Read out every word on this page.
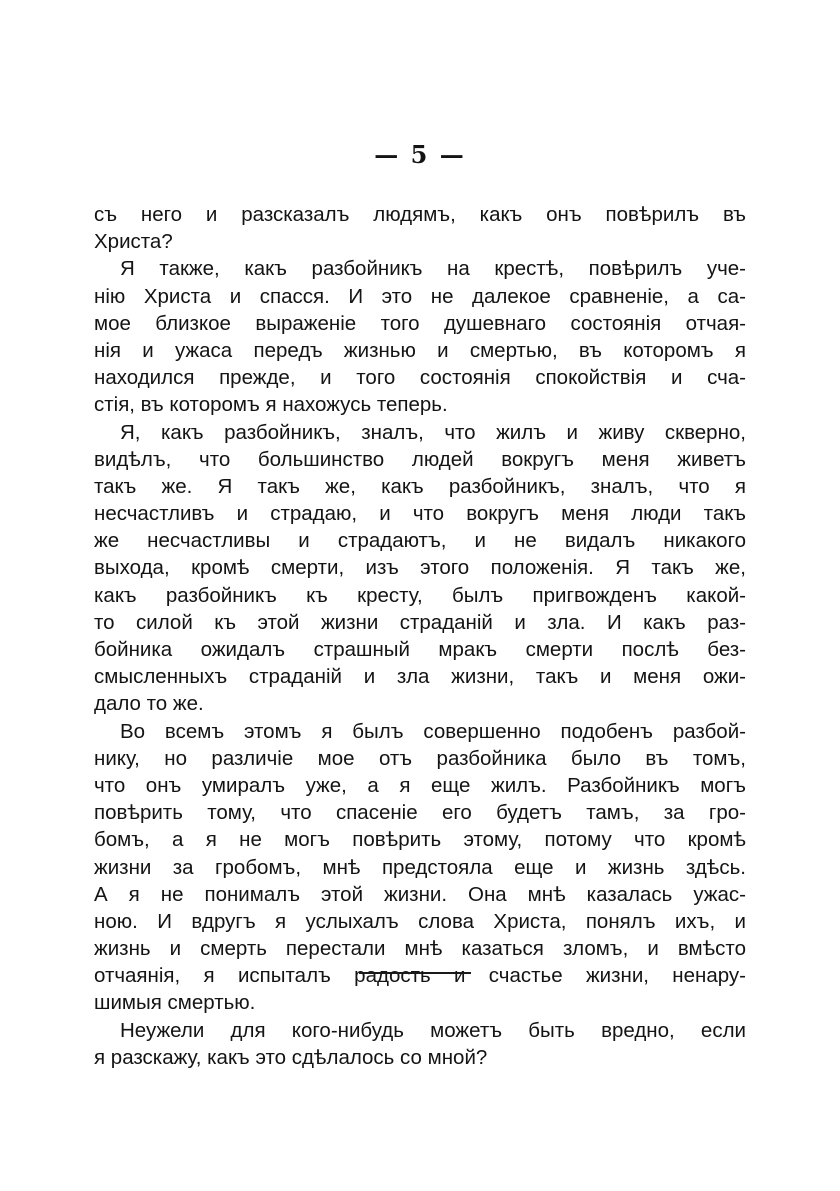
— 5 —
съ него и разсказалъ людямъ, какъ онъ повѣрилъ въ
Христа?
Я также, какъ разбойникъ на крестѣ, повѣрилъ уче-
нію Христа и спасся. И это не далекое сравненіе, а са-
мое близкое выраженіе того душевнаго состоянія отчая-
нія и ужаса передъ жизнью и смертью, въ которомъ я
находился прежде, и того состоянія спокойствія и сча-
стія, въ которомъ я нахожусь теперь.
Я, какъ разбойникъ, зналъ, что жилъ и живу скверно,
видѣлъ, что большинство людей вокругъ меня живетъ
такъ же. Я такъ же, какъ разбойникъ, зналъ, что я
несчастливъ и страдаю, и что вокругъ меня люди такъ
же несчастливы и страдаютъ, и не видалъ никакого
выхода, кромѣ смерти, изъ этого положенія. Я такъ же,
какъ разбойникъ къ кресту, былъ пригвожденъ какой-
то силой къ этой жизни страданій и зла. И какъ раз-
бойника ожидалъ страшный мракъ смерти послѣ без-
смысленныхъ страданій и зла жизни, такъ и меня ожи-
дало то же.
Во всемъ этомъ я былъ совершенно подобенъ разбой-
нику, но различіе мое отъ разбойника было въ томъ,
что онъ умиралъ уже, а я еще жилъ. Разбойникъ могъ
повѣрить тому, что спасеніе его будетъ тамъ, за гро-
бомъ, а я не могъ повѣрить этому, потому что кромѣ
жизни за гробомъ, мнѣ предстояла еще и жизнь здѣсь.
А я не понималъ этой жизни. Она мнѣ казалась ужас-
ною. И вдругъ я услыхалъ слова Христа, понялъ ихъ, и
жизнь и смерть перестали мнѣ казаться зломъ, и вмѣсто
отчаянія, я испыталъ радость и счастье жизни, ненару-
шимыя смертью.
Неужели для кого-нибудь можетъ быть вредно, если
я разскажу, какъ это сдѣлалось со мной?
